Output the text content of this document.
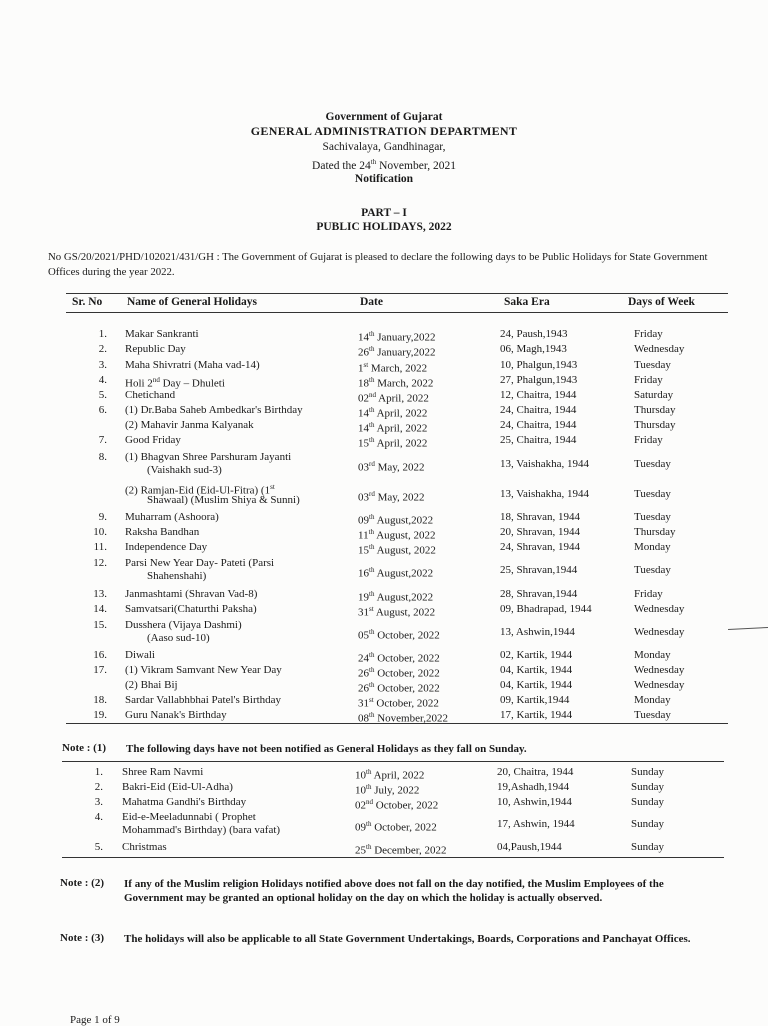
Government of Gujarat
GENERAL ADMINISTRATION DEPARTMENT
Sachivalaya, Gandhinagar,
Dated the 24th November, 2021
Notification
PART – I
PUBLIC HOLIDAYS, 2022
No GS/20/2021/PHD/102021/431/GH : The Government of Gujarat is pleased to declare the following days to be Public Holidays for State Government Offices during the year 2022.
Sr. No Name of General Holidays	Date	Saka Era	Days of Week
1. Makar Sankranti	14th January,2022	24, Paush,1943	Friday
2. Republic Day	26th January,2022	06, Magh,1943	Wednesday
3. Maha Shivratri (Maha vad-14)	1st March, 2022	10, Phalgun,1943	Tuesday
4. Holi 2nd Day – Dhuleti	18th March, 2022	27, Phalgun,1943	Friday
5. Chetichand	02nd April, 2022	12, Chaitra, 1944	Saturday
6. (1) Dr.Baba Saheb Ambedkar's Birthday	14th April, 2022	24, Chaitra, 1944	Thursday
(2) Mahavir Janma Kalyanak	14th April, 2022	24, Chaitra, 1944	Thursday
7. Good Friday	15th April, 2022	25, Chaitra, 1944	Friday
8. (1) Bhagvan Shree Parshuram Jayanti
(Vaishakh sud-3)	03rd May, 2022	13, Vaishakha, 1944	Tuesday
(2) Ramjan-Eid (Eid-Ul-Fitra) (1st
Shawaal) (Muslim Shiya & Sunni)	03rd May, 2022	13, Vaishakha, 1944	Tuesday
9. Muharram (Ashoora)	09th August,2022	18, Shravan, 1944	Tuesday
10. Raksha Bandhan	11th August, 2022	20, Shravan, 1944	Thursday
11. Independence Day	15th August, 2022	24, Shravan, 1944	Monday
12. Parsi New Year Day- Pateti (Parsi
Shahenshahi)	16th August,2022	25, Shravan,1944	Tuesday
13. Janmashtami (Shravan Vad-8)	19th August,2022	28, Shravan,1944	Friday
14. Samvatsari(Chaturthi Paksha)	31st August, 2022	09, Bhadrapad, 1944	Wednesday
15. Dusshera (Vijaya Dashmi)
(Aaso sud-10)	05th October, 2022	13, Ashwin,1944	Wednesday
16. Diwali	24th October, 2022	02, Kartik, 1944	Monday
17. (1) Vikram Samvant New Year Day	26th October, 2022	04, Kartik, 1944	Wednesday
(2) Bhai Bij	26th October, 2022	04, Kartik, 1944	Wednesday
18. Sardar Vallabhbhai Patel's Birthday	31st October, 2022	09, Kartik,1944	Monday
19. Guru Nanak's Birthday	08th November,2022	17, Kartik, 1944	Tuesday
Note : (1) The following days have not been notified as General Holidays as they fall on Sunday.
1. Shree Ram Navmi	10th April, 2022	20, Chaitra, 1944	Sunday
2. Bakri-Eid (Eid-Ul-Adha)	10th July, 2022	19,Ashadh,1944	Sunday
3. Mahatma Gandhi's Birthday	02nd October, 2022	10, Ashwin,1944	Sunday
4. Eid-e-Meeladunnabi ( Prophet
Mohammad's Birthday) (bara vafat)	09th October, 2022	17, Ashwin, 1944	Sunday
5. Christmas	25th December, 2022	04,Paush,1944	Sunday
Note : (2) If any of the Muslim religion Holidays notified above does not fall on the day notified, the Muslim Employees of the Government may be granted an optional holiday on the day on which the holiday is actually observed.
Note : (3) The holidays will also be applicable to all State Government Undertakings, Boards, Corporations and Panchayat Offices.
Page 1 of 9
